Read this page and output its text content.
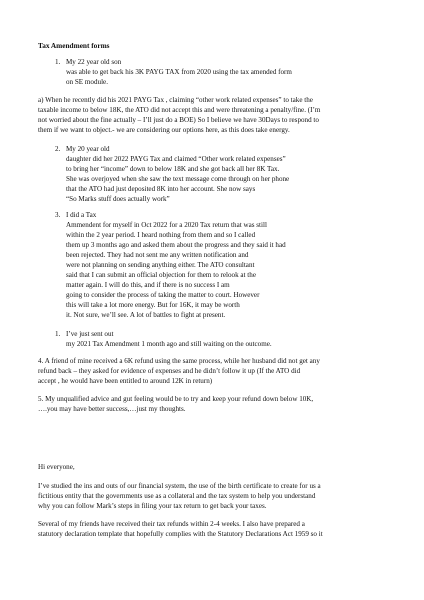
Tax Amendment forms
1. My 22 year old son
was able to get back his 3K PAYG TAX from 2020 using the tax amended form
on SE module.
a) When he recently did his 2021 PAYG Tax , claiming “other work related expenses” to take the
taxable income to below 18K, the ATO did not accept this and were threatening a penalty/fine. (I’m
not worried about the fine actually – I’ll just do a BOE) So I believe we have 30Days to respond to
them if we want to object.- we are considering our options here, as this does take energy.
2. My 20 year old
daughter did her 2022 PAYG Tax and claimed “Other work related expenses”
to bring her “income” down to below 18K and she got back all her 8K Tax.
She was overjoyed when she saw the text message come through on her phone
that the ATO had just deposited 8K into her account. She now says
“So Marks stuff does actually work”
3. I did a Tax
Ammendent for myself in Oct 2022 for a 2020 Tax return that was still
within the 2 year period. I heard nothing from them and so I called
them up 3 months ago and asked them about the progress and they said it had
been rejected. They had not sent me any written notification and
were not planning on sending anything either. The ATO consultant
said that I can submit an official objection for them to relook at the
matter again. I will do this, and if there is no success I am
going to consider the process of taking the matter to court. However
this will take a lot more energy. But for 16K, it may be worth
it. Not sure, we’ll see. A lot of battles to fight at present.
1. I’ve just sent out
my 2021 Tax Amendment 1 month ago and still waiting on the outcome.
4. A friend of mine received a 6K refund using the same process, while her husband did not get any
refund back – they asked for evidence of expenses and he didn’t follow it up (If the ATO did
accept , he would have been entitled to around 12K in return)
5. My unqualified advice and gut feeling would be to try and keep your refund down below 10K,
….you may have better success,…just my thoughts.
Hi everyone,
I’ve studied the ins and outs of our financial system, the use of the birth certificate to create for us a
fictitious entity that the governments use as a collateral and the tax system to help you understand
why you can follow Mark’s steps in filing your tax return to get back your taxes.
Several of my friends have received their tax refunds within 2-4 weeks. I also have prepared a
statutory declaration template that hopefully complies with the Statutory Declarations Act 1959 so it
